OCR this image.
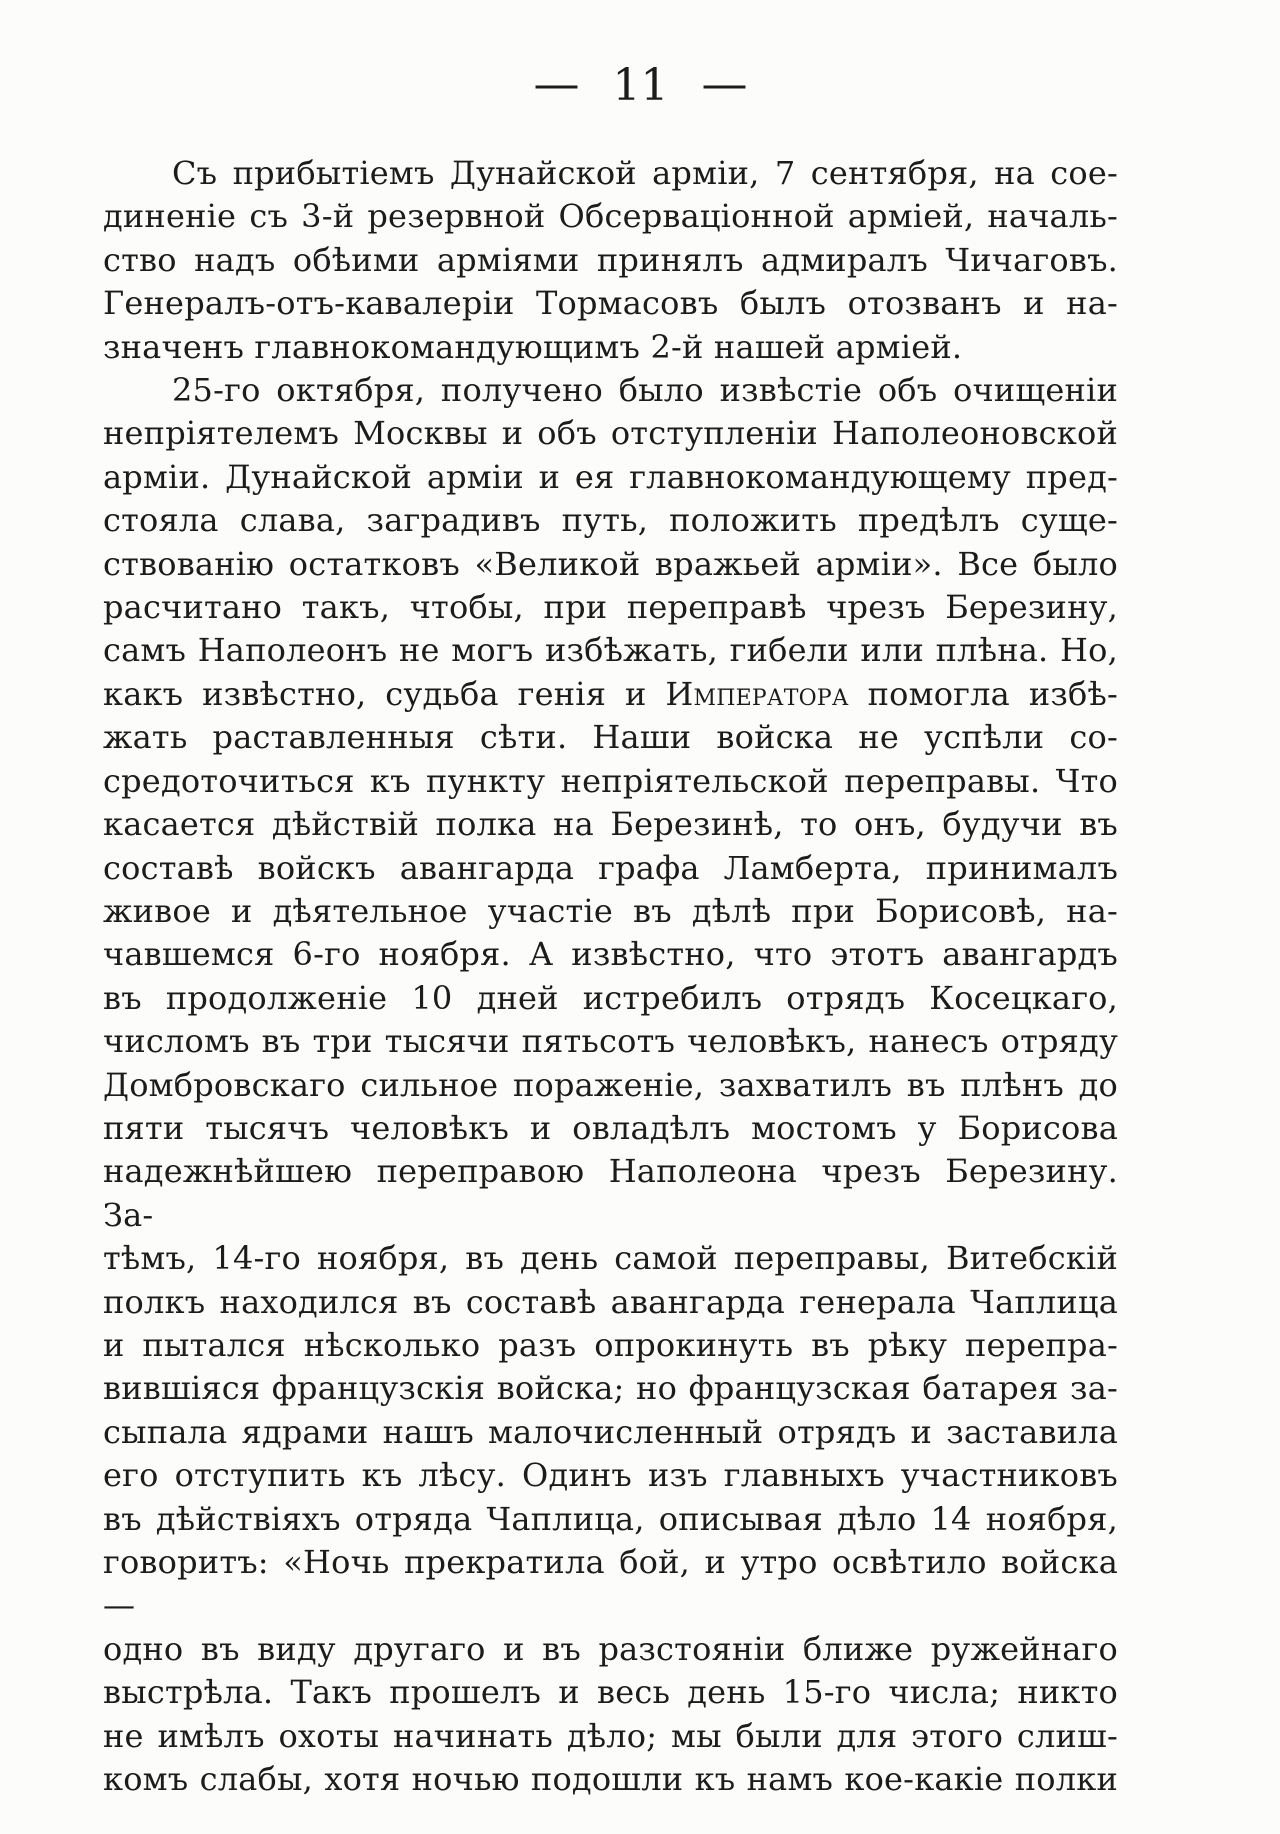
— 11 —
Съ прибытіемъ Дунайской арміи, 7 сентября, на сое-
диненіе съ 3-й резервной Обсерваціонной арміей, началь-
ство надъ обѣими арміями принялъ адмиралъ Чичаговъ.
Генералъ-отъ-кавалеріи Тормасовъ былъ отозванъ и на-
значенъ главнокомандующимъ 2-й нашей арміей.
25-го октября, получено было извѣстіе объ очищеніи
непріятелемъ Москвы и объ отступленіи Наполеоновской
арміи. Дунайской арміи и ея главнокомандующему пред-
стояла слава, заградивъ путь, положить предѣлъ суще-
ствованію остатковъ «Великой вражьей арміи». Все было
расчитано такъ, чтобы, при переправѣ чрезъ Березину,
самъ Наполеонъ не могъ избѣжать, гибели или плѣна. Но,
какъ извѣстно, судьба генія и Императора помогла избѣ-
жать раставленныя сѣти. Наши войска не успѣли со-
средоточиться къ пункту непріятельской переправы. Что
касается дѣйствій полка на Березинѣ, то онъ, будучи въ
составѣ войскъ авангарда графа Ламберта, принималъ
живое и дѣятельное участіе въ дѣлѣ при Борисовѣ, на-
чавшемся 6-го ноября. А извѣстно, что этотъ авангардъ
въ продолженіе 10 дней истребилъ отрядъ Косецкаго,
числомъ въ три тысячи пятьсотъ человѣкъ, нанесъ отряду
Домбровскаго сильное пораженіе, захватилъ въ плѣнъ до
пяти тысячъ человѣкъ и овладѣлъ мостомъ у Борисова
надежнѣйшею переправою Наполеона чрезъ Березину. За-
тѣмъ, 14-го ноября, въ день самой переправы, Витебскій
полкъ находился въ составѣ авангарда генерала Чаплица
и пытался нѣсколько разъ опрокинуть въ рѣку перепра-
вившіяся французскія войска; но французская батарея за-
сыпала ядрами нашъ малочисленный отрядъ и заставила
его отступить къ лѣсу. Одинъ изъ главныхъ участниковъ
въ дѣйствіяхъ отряда Чаплица, описывая дѣло 14 ноября,
говоритъ: «Ночь прекратила бой, и утро освѣтило войска—
одно въ виду другаго и въ разстояніи ближе ружейнаго
выстрѣла. Такъ прошелъ и весь день 15-го числа; никто
не имѣлъ охоты начинать дѣло; мы были для этого слиш-
комъ слабы, хотя ночью подошли къ намъ кое-какіе полки
